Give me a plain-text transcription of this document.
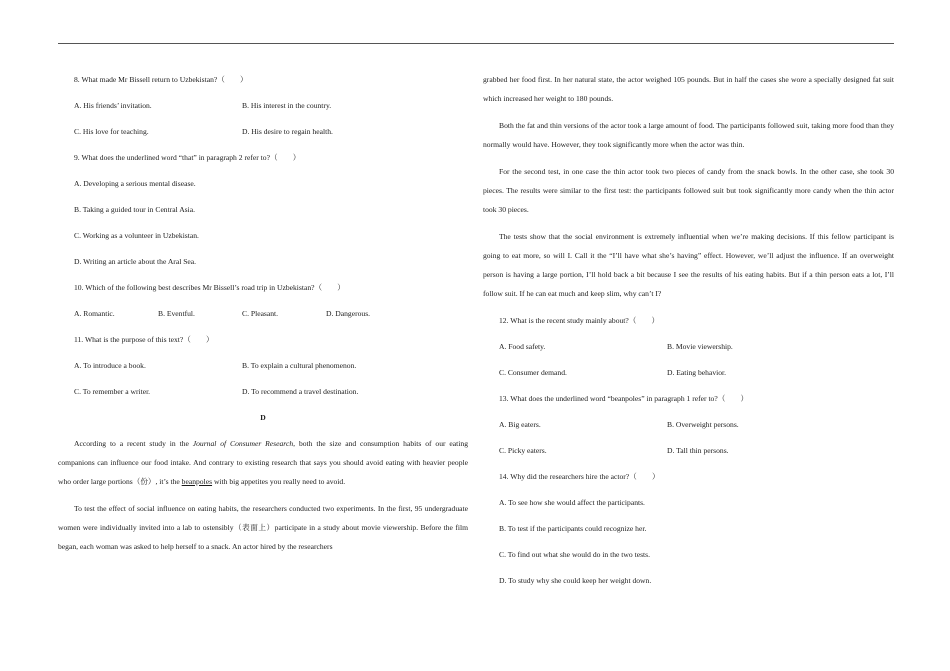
8. What made Mr Bissell return to Uzbekistan?（　　）
A. His friends’ invitation.	B. His interest in the country.
C. His love for teaching.	D. His desire to regain health.
9. What does the underlined word “that” in paragraph 2 refer to?（　　）
A. Developing a serious mental disease.
B. Taking a guided tour in Central Asia.
C. Working as a volunteer in Uzbekistan.
D. Writing an article about the Aral Sea.
10. Which of the following best describes Mr Bissell’s road trip in Uzbekistan?（　　）
A. Romantic.	B. Eventful.	C. Pleasant.	D. Dangerous.
11. What is the purpose of this text?（　　）
A. To introduce a book.	B. To explain a cultural phenomenon.
C. To remember a writer.	D. To recommend a travel destination.
D

According to a recent study in the Journal of Consumer Research, both the size and consumption habits of our eating companions can influence our food intake. And contrary to existing research that says you should avoid eating with heavier people who order large portions（份）, it’s the beanpoles with big appetites you really need to avoid.

To test the effect of social influence on eating habits, the researchers conducted two experiments. In the first, 95 undergraduate women were individually invited into a lab to ostensibly（表面上）participate in a study about movie viewership. Before the film began, each woman was asked to help herself to a snack. An actor hired by the researchers

grabbed her food first. In her natural state, the actor weighed 105 pounds. But in half the cases she wore a specially designed fat suit which increased her weight to 180 pounds.

Both the fat and thin versions of the actor took a large amount of food. The participants followed suit, taking more food than they normally would have. However, they took significantly more when the actor was thin.

For the second test, in one case the thin actor took two pieces of candy from the snack bowls. In the other case, she took 30 pieces. The results were similar to the first test: the participants followed suit but took significantly more candy when the thin actor took 30 pieces.

The tests show that the social environment is extremely influential when we’re making decisions. If this fellow participant is going to eat more, so will I. Call it the “I’ll have what she’s having” effect. However, we’ll adjust the influence. If an overweight person is having a large portion, I’ll hold back a bit because I see the results of his eating habits. But if a thin person eats a lot, I’ll follow suit. If he can eat much and keep slim, why can’t I?

12. What is the recent study mainly about?（　　）
A. Food safety.	B. Movie viewership.
C. Consumer demand.	D. Eating behavior.
13. What does the underlined word “beanpoles” in paragraph 1 refer to?（　　）
A. Big eaters.	B. Overweight persons.
C. Picky eaters.	D. Tall thin persons.
14. Why did the researchers hire the actor?（　　）
A. To see how she would affect the participants.
B. To test if the participants could recognize her.
C. To find out what she would do in the two tests.
D. To study why she could keep her weight down.
